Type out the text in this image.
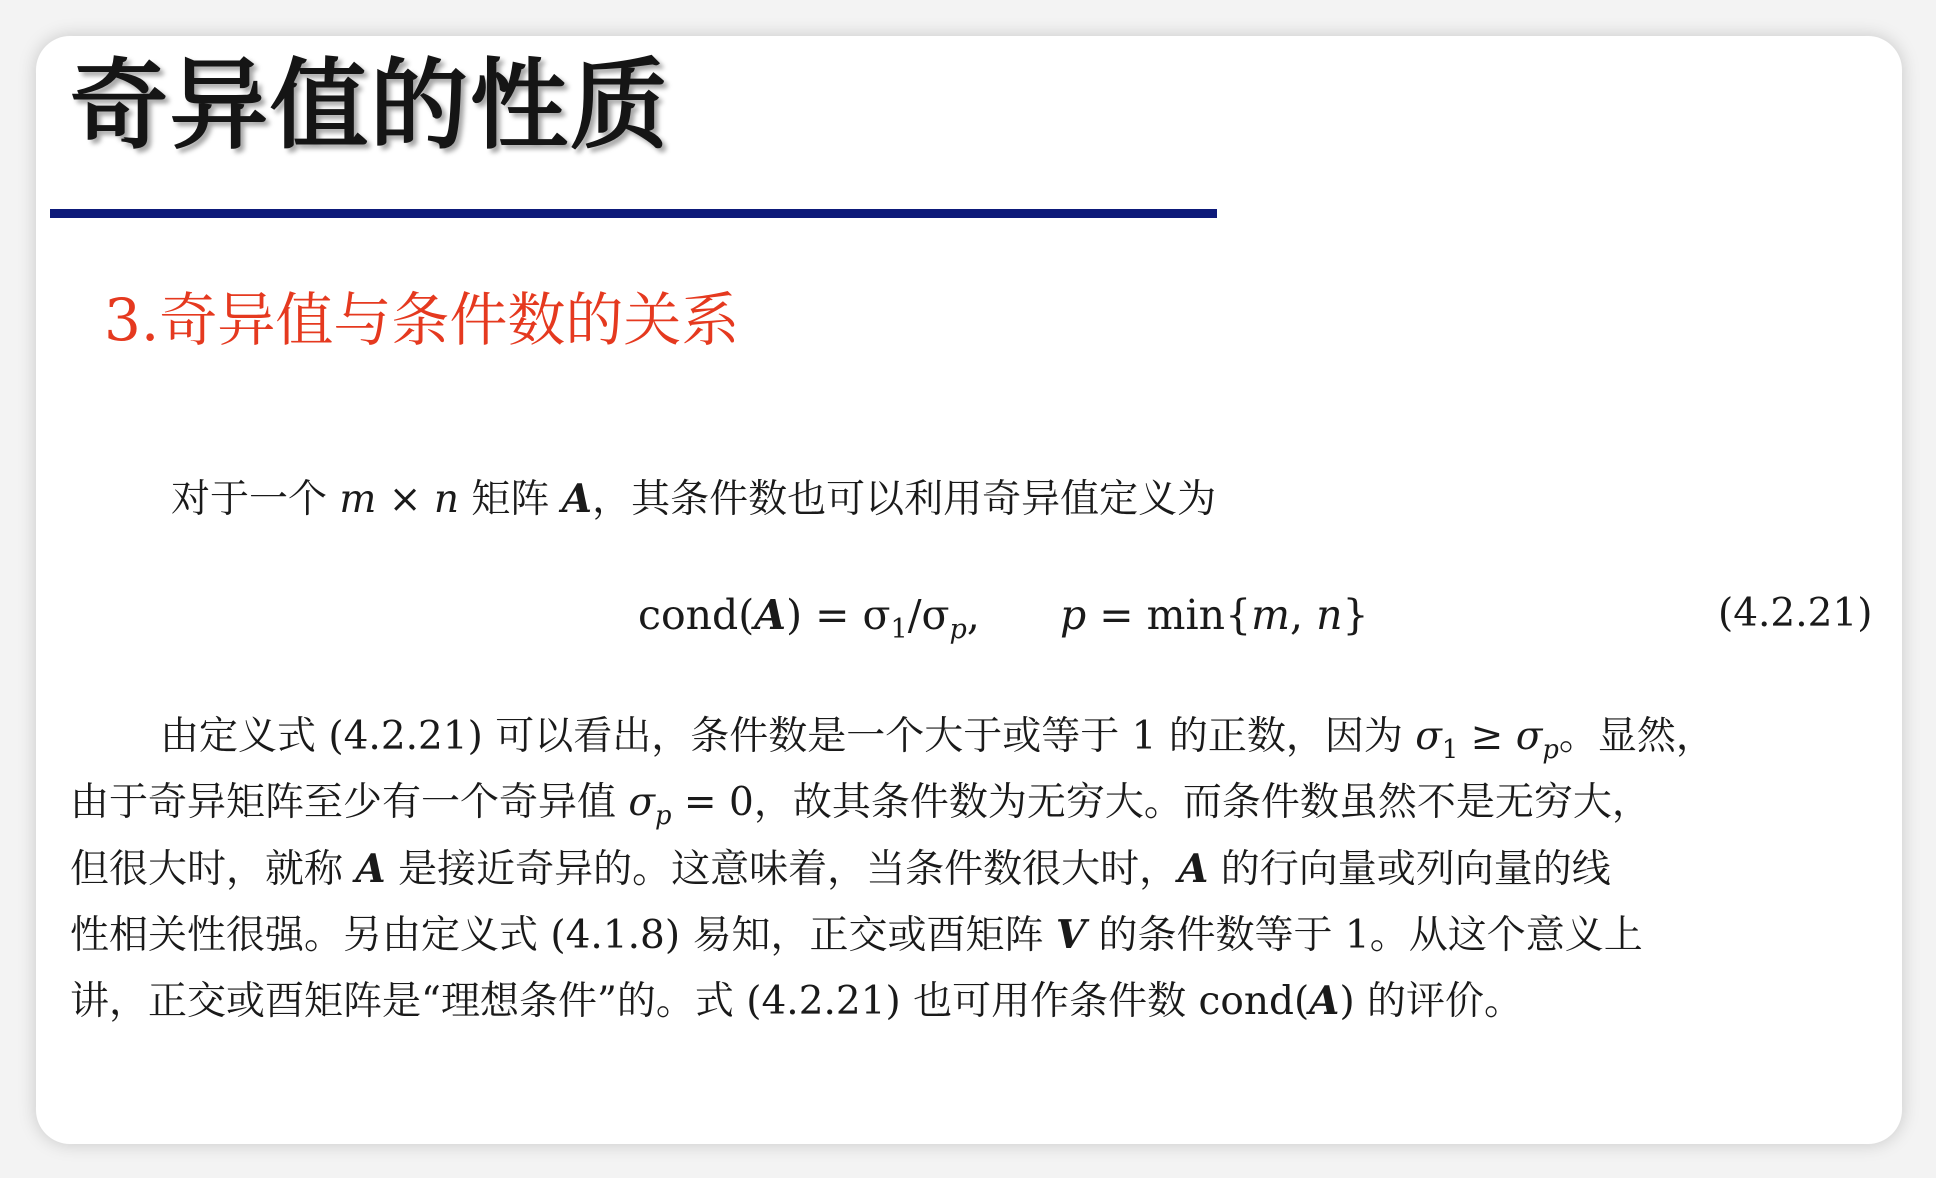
奇异值的性质
3.奇异值与条件数的关系
对于一个 m × n 矩阵 A，其条件数也可以利用奇异值定义为
cond(A) = $\sigma_1/\sigma_p$, p = min{m, n}	(4.2.21)
由定义式 (4.2.21) 可以看出，条件数是一个大于或等于 1 的正数，因为 $\sigma_1 \ge \sigma_p$。显然，
由于奇异矩阵至少有一个奇异值 $\sigma_p = 0$，故其条件数为无穷大。而条件数虽然不是无穷大，
但很大时，就称 A 是接近奇异的。这意味着，当条件数很大时，A 的行向量或列向量的线
性相关性很强。另由定义式 (4.1.8) 易知，正交或酉矩阵 V 的条件数等于 1。从这个意义上
讲，正交或酉矩阵是“理想条件”的。式 (4.2.21) 也可用作条件数 cond(A) 的评价。
